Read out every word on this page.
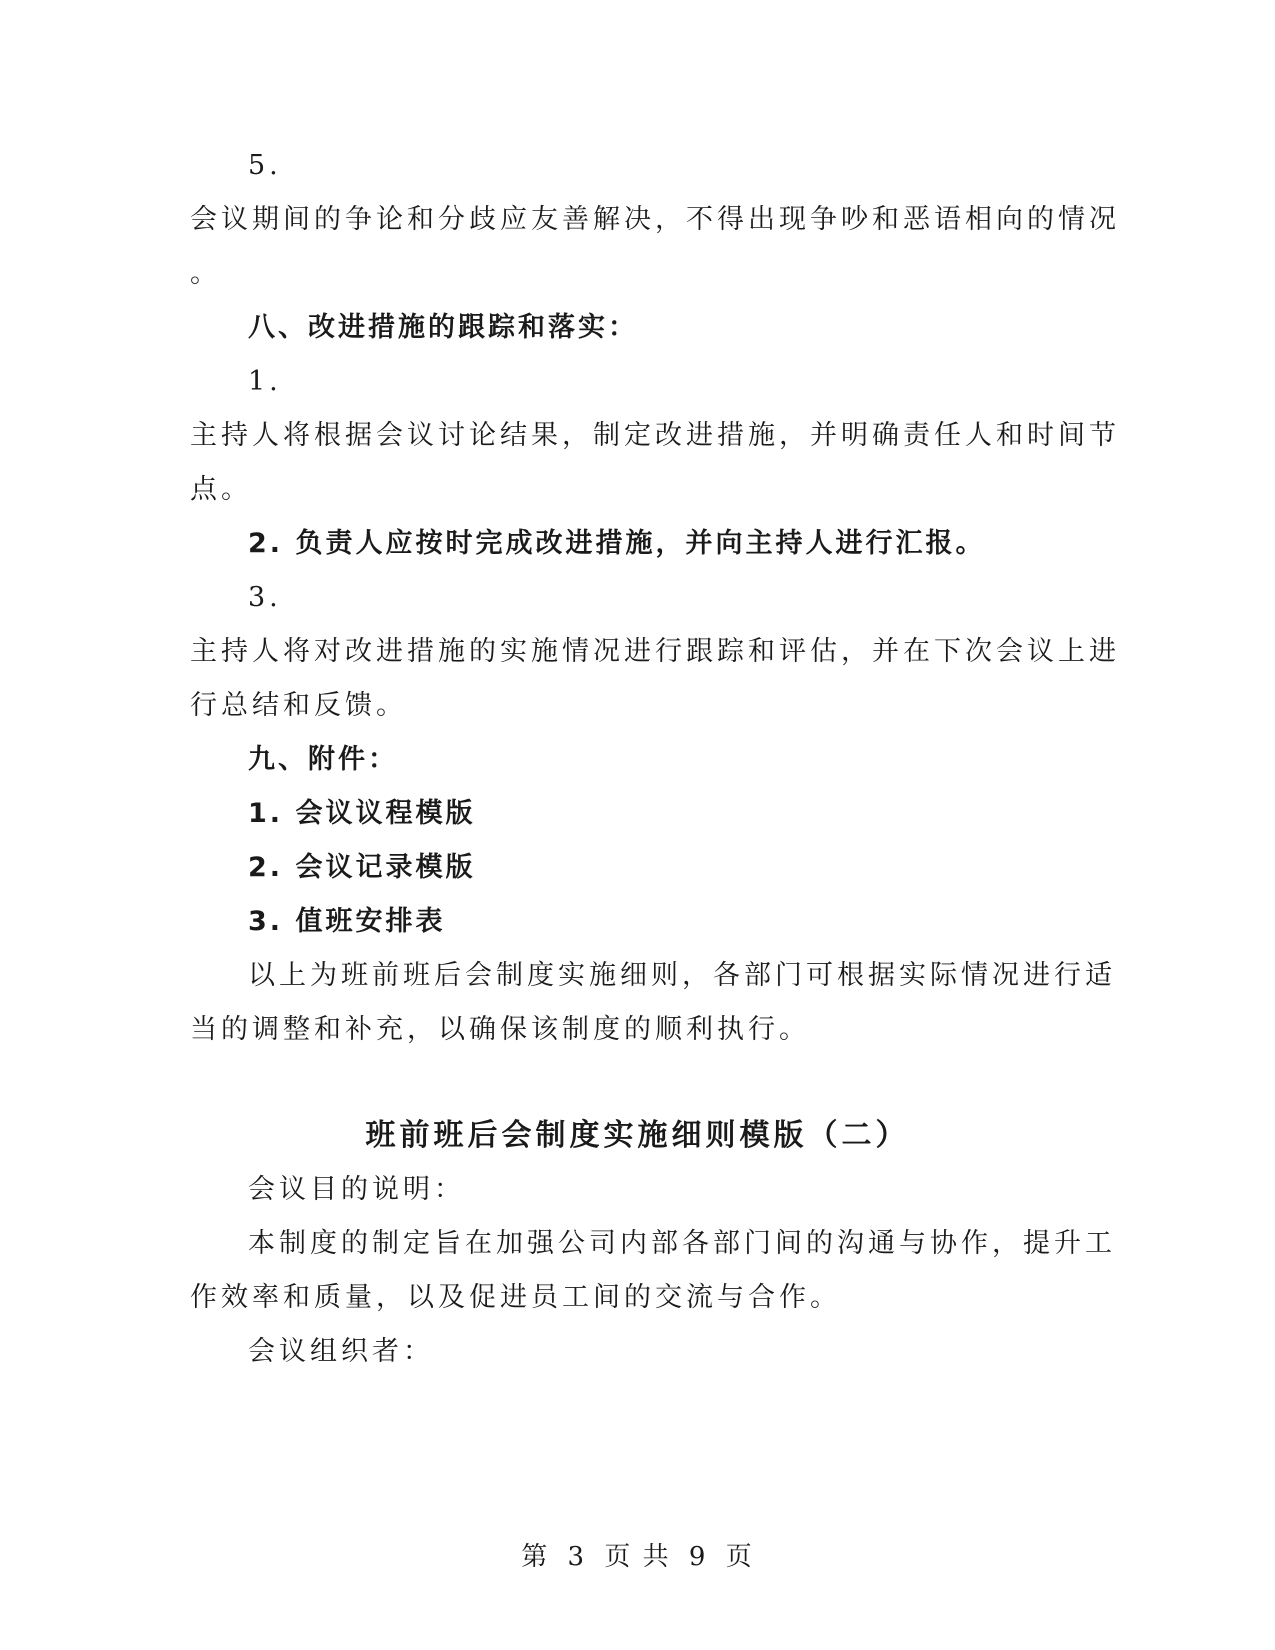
5.
会议期间的争论和分歧应友善解决，不得出现争吵和恶语相向的情况
。
八、改进措施的跟踪和落实：
1.
主持人将根据会议讨论结果，制定改进措施，并明确责任人和时间节
点。
2. 负责人应按时完成改进措施，并向主持人进行汇报。
3.
主持人将对改进措施的实施情况进行跟踪和评估，并在下次会议上进
行总结和反馈。
九、附件：
1. 会议议程模版
2. 会议记录模版
3. 值班安排表
以上为班前班后会制度实施细则，各部门可根据实际情况进行适
当的调整和补充，以确保该制度的顺利执行。
班前班后会制度实施细则模版（二）
会议目的说明：
本制度的制定旨在加强公司内部各部门间的沟通与协作，提升工
作效率和质量，以及促进员工间的交流与合作。
会议组织者：
第 3 页 共 9 页
